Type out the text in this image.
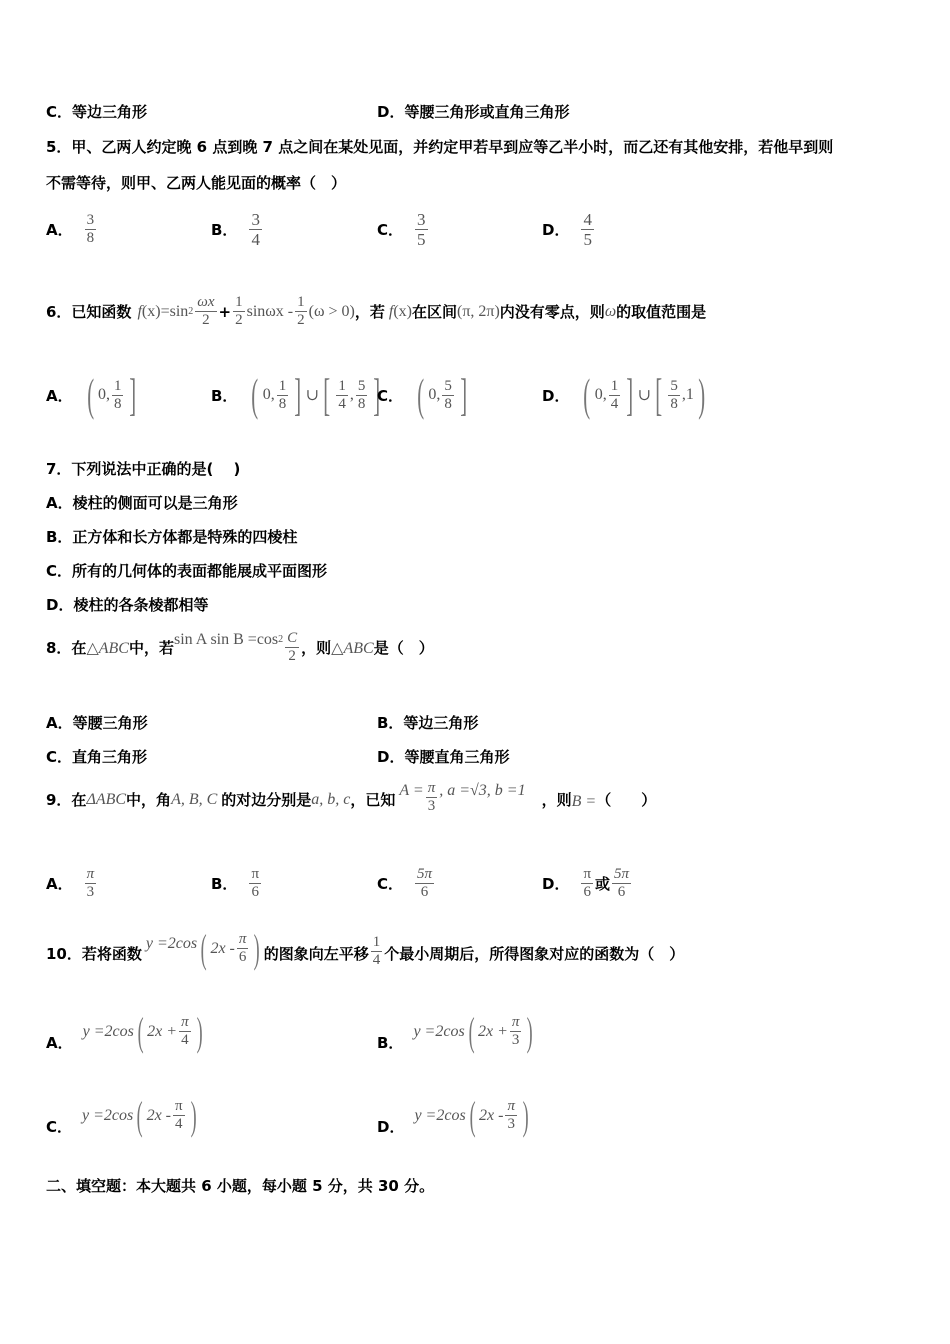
C．等边三角形	D．等腰三角形或直角三角形
5．甲、乙两人约定晚 6 点到晚 7 点之间在某处见面，并约定甲若早到应等乙半小时，而乙还有其他安排，若他早到则
不需等待，则甲、乙两人能见面的概率（　）
A． $\frac{3}{8}$	B． $\frac{3}{4}$	C． $\frac{3}{5}$	D． $\frac{4}{5}$
6．已知函数 f (x) =sin $2 \frac{\omega x}{2} + \frac{1}{2}$ $\sin\omega x - \frac{1}{2} (\omega > 0)$ ，若 f (x) 在区间 (π, 2π) 内没有零点，则 ω 的取值范围是
A． ( 0, $\frac{1}{8}$ ]	B． ( 0, $\frac{1}{8}$ ] ∪ [ $\frac{1}{4}$ , $\frac{5}{8}$ ]
C． ( 0, $\frac{5}{8}$ ]	D． ( 0, $\frac{1}{4}$ ] ∪ [ $\frac{5}{8} ,1$ )
7．下列说法中正确的是( 　)
A．棱柱的侧面可以是三角形
B．正方体和长方体都是特殊的四棱柱
C．所有的几何体的表面都能展成平面图形
D．棱柱的各条棱都相等
8．在 △ABC 中，若 sin A sin B =cos $2 \frac{C}{2}$ ，则 △ABC 是（　）
A．等腰三角形	B．等边三角形
C．直角三角形	D．等腰直角三角形
9．在 ΔABC 中，角 A, B, C 的对边分别是 a, b, c ，已知
$A = \frac{\pi}{3}$ , a =√3, b =1
，则 B = （　　）
A． $\frac{\pi}{3}$	B． $\frac{\pi}{6}$	C． $\frac{5\pi}{6}$	D． $\frac{\pi}{6}$ 或 $\frac{5\pi}{6}$
10．若将函数
y =2cos ( $2x - \frac{\pi}{6}$ ) 的图象向左平移 $\frac{1}{4}$ 个最小周期后，所得图象对应的函数为（　）
A．
y =2cos ( $2x + \frac{\pi}{4}$ )	B．
y =2cos ( $2x + \frac{\pi}{3}$ )
C．
y =2cos ( $2x - \frac{\pi}{4}$ )	D．
y =2cos ( $2x - \frac{\pi}{3}$ )
二、填空题：本大题共 6 小题，每小题 5 分，共 30 分。
